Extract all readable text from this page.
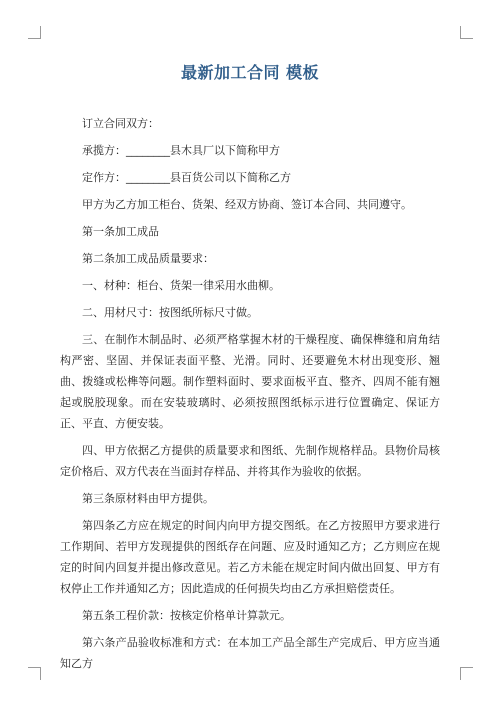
最新加工合同 模板

订立合同双方：

承揽方：________县木具厂以下简称甲方

定作方：________县百货公司以下简称乙方

甲方为乙方加工柜台、货架、经双方协商、签订本合同、共同遵守。

第一条加工成品

第二条加工成品质量要求：

一、材种：柜台、货架一律采用水曲柳。

二、用材尺寸：按图纸所标尺寸做。

三、在制作木制品时、必须严格掌握木材的干燥程度、确保榫缝和肩角结构严密、坚固、并保证表面平整、光滑。同时、还要避免木材出现变形、翘曲、拨缝或松榫等问题。制作塑料面时、要求面板平直、整齐、四周不能有翘起或脱胶现象。而在安装玻璃时、必须按照图纸标示进行位置确定、保证方正、平直、方便安装。

四、甲方依据乙方提供的质量要求和图纸、先制作规格样品。县物价局核定价格后、双方代表在当面封存样品、并将其作为验收的依据。

第三条原材料由甲方提供。

第四条乙方应在规定的时间内向甲方提交图纸。在乙方按照甲方要求进行工作期间、若甲方发现提供的图纸存在问题、应及时通知乙方；乙方则应在规定的时间内回复并提出修改意见。若乙方未能在规定时间内做出回复、甲方有权停止工作并通知乙方；因此造成的任何损失均由乙方承担赔偿责任。

第五条工程价款：按核定价格单计算款元。

第六条产品验收标准和方式：在本加工产品全部生产完成后、甲方应当通知乙方
